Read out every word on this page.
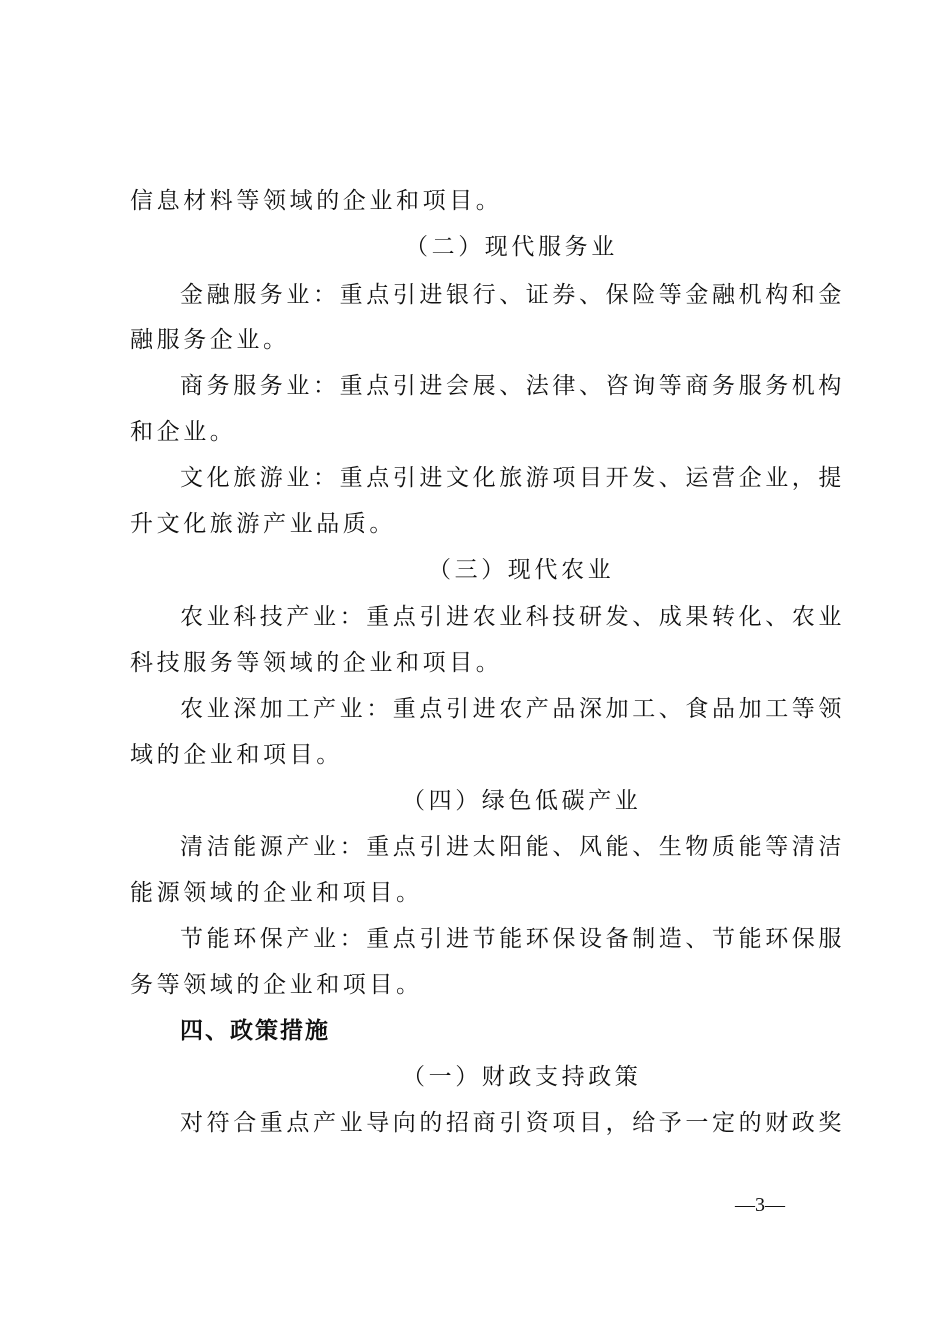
信息材料等领域的企业和项目。
（二）现代服务业
金融服务业：重点引进银行、证券、保险等金融机构和金
融服务企业。
商务服务业：重点引进会展、法律、咨询等商务服务机构
和企业。
文化旅游业：重点引进文化旅游项目开发、运营企业，提
升文化旅游产业品质。
（三）现代农业
农业科技产业：重点引进农业科技研发、成果转化、农业
科技服务等领域的企业和项目。
农业深加工产业：重点引进农产品深加工、食品加工等领
域的企业和项目。
（四）绿色低碳产业
清洁能源产业：重点引进太阳能、风能、生物质能等清洁
能源领域的企业和项目。
节能环保产业：重点引进节能环保设备制造、节能环保服
务等领域的企业和项目。
四、政策措施
（一）财政支持政策
对符合重点产业导向的招商引资项目，给予一定的财政奖
—3—
